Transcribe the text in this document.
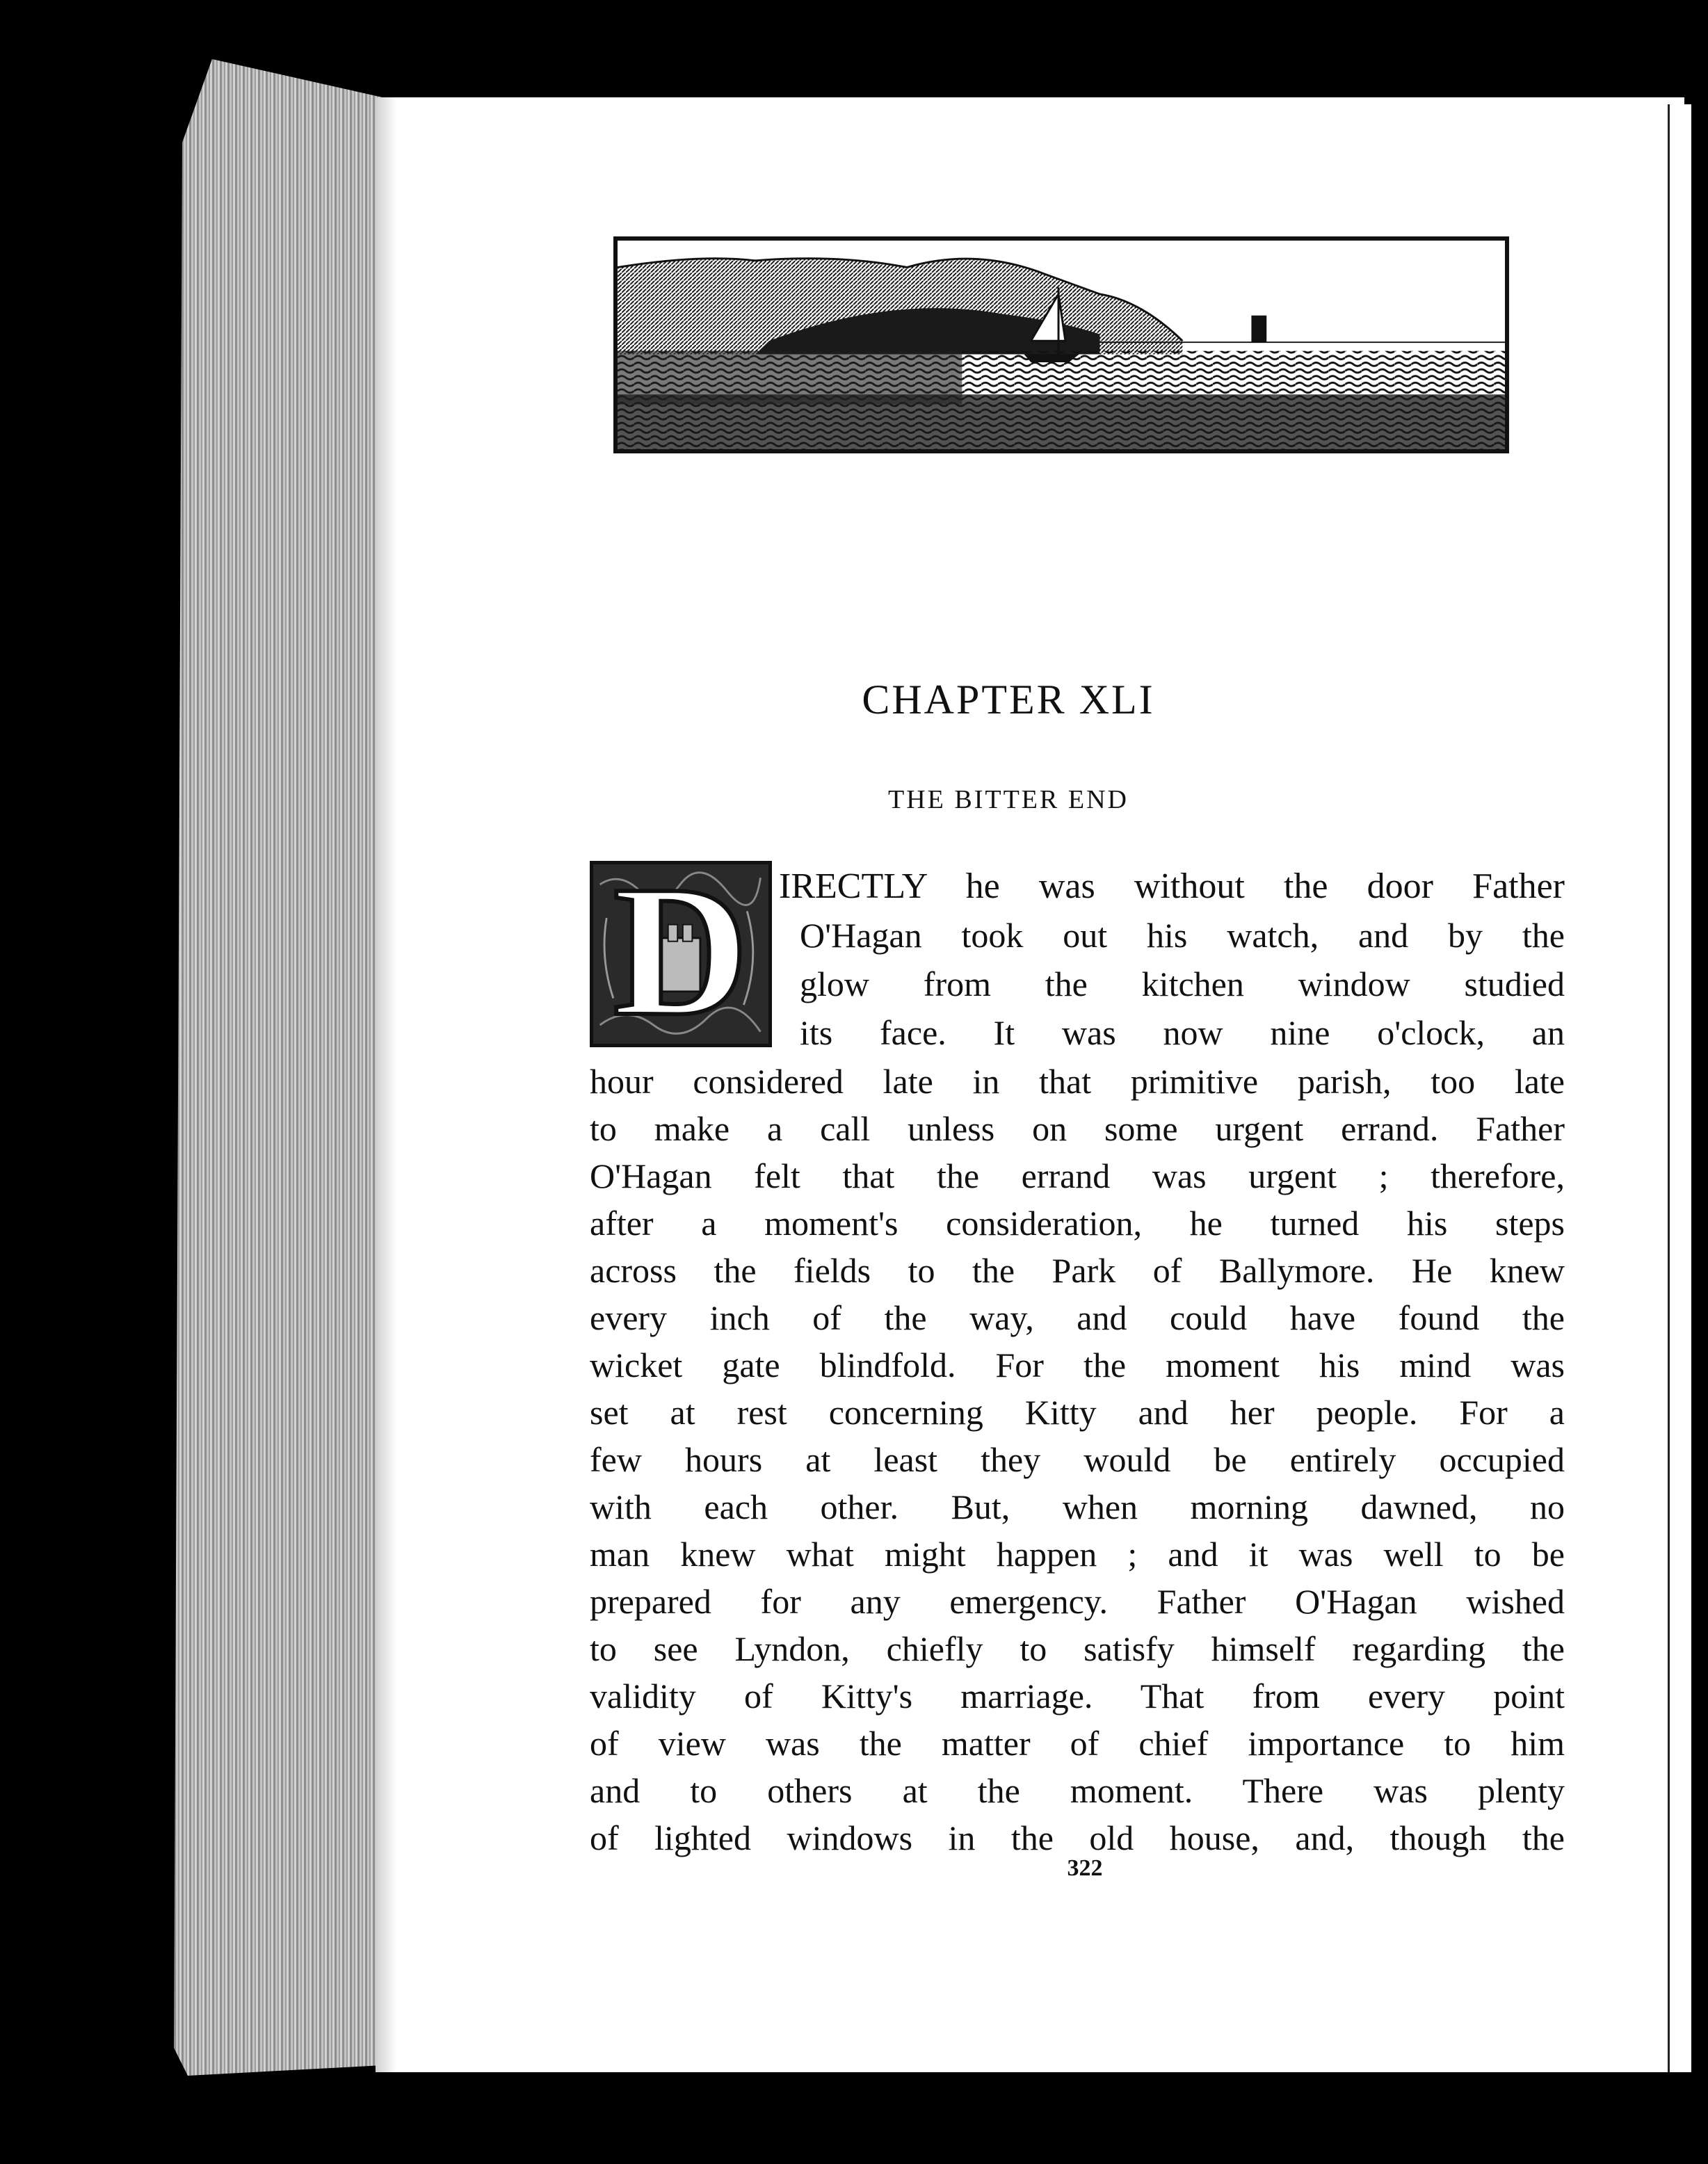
CHAPTER XLI
THE BITTER END
D IRECTLY he was without the door Father
O'Hagan took out his watch, and by the
glow from the kitchen window studied
its face. It was now nine o'clock, an
hour considered late in that primitive parish, too late
to make a call unless on some urgent errand. Father
O'Hagan felt that the errand was urgent ; therefore,
after a moment's consideration, he turned his steps
across the fields to the Park of Ballymore. He knew
every inch of the way, and could have found the
wicket gate blindfold. For the moment his mind was
set at rest concerning Kitty and her people. For a
few hours at least they would be entirely occupied
with each other. But, when morning dawned, no
man knew what might happen ; and it was well to be
prepared for any emergency. Father O'Hagan wished
to see Lyndon, chiefly to satisfy himself regarding the
validity of Kitty's marriage. That from every point
of view was the matter of chief importance to him
and to others at the moment. There was plenty
of lighted windows in the old house, and, though the
322
